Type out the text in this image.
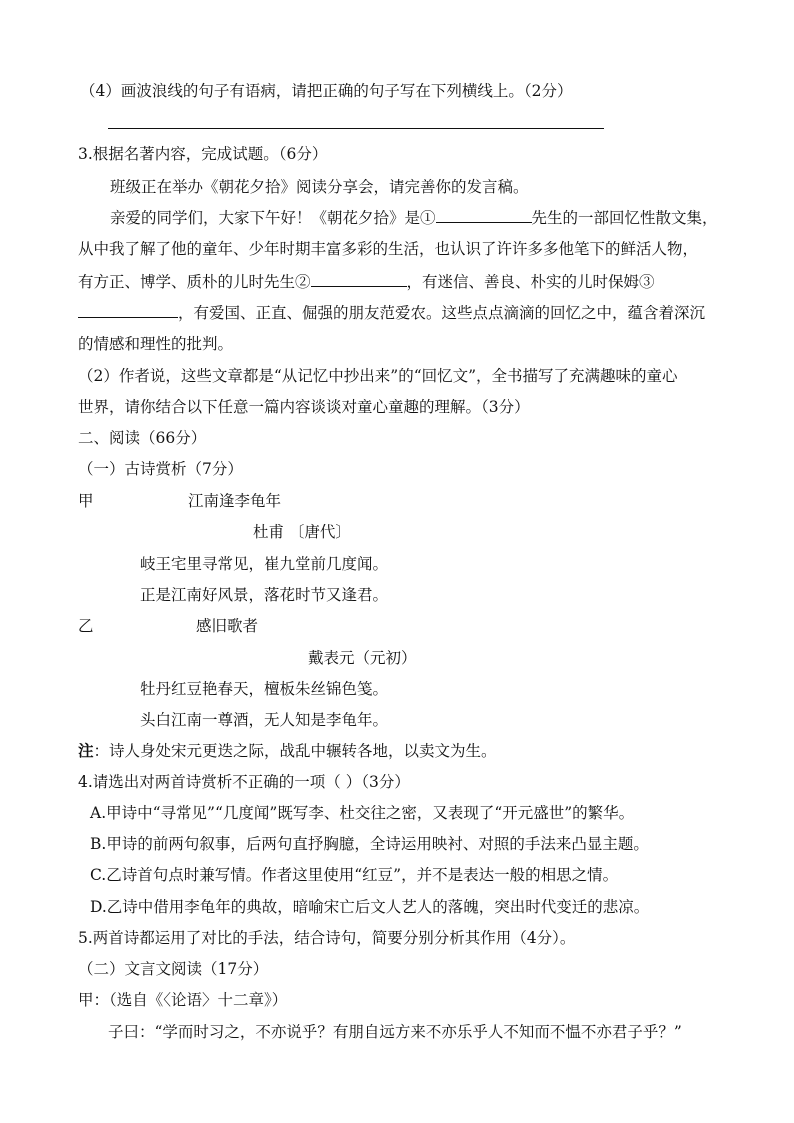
（4）画波浪线的句子有语病，请把正确的句子写在下列横线上。（2分）
3.根据名著内容，完成试题。（6分）
班级正在举办《朝花夕拾》阅读分享会，请完善你的发言稿。
亲爱的同学们，大家下午好！《朝花夕拾》是①	先生的一部回忆性散文集，
从中我了解了他的童年、少年时期丰富多彩的生活，也认识了许许多多他笔下的鲜活人物，
有方正、博学、质朴的儿时先生②	，有迷信、善良、朴实的儿时保姆③
，有爱国、正直、倔强的朋友范爱农。这些点点滴滴的回忆之中，蕴含着深沉
的情感和理性的批判。
（2）作者说，这些文章都是“从记忆中抄出来”的“回忆文”，全书描写了充满趣味的童心
世界，请你结合以下任意一篇内容谈谈对童心童趣的理解。（3分）
二、阅读（66分）
（一）古诗赏析（7分）
甲	江南逢李龟年
杜甫 〔唐代〕
岐王宅里寻常见，崔九堂前几度闻。
正是江南好风景，落花时节又逢君。
乙	感旧歌者
戴表元（元初）
牡丹红豆艳春天，檀板朱丝锦色笺。
头白江南一尊酒，无人知是李龟年。
注：诗人身处宋元更迭之际，战乱中辗转各地，以卖文为生。
4.请选出对两首诗赏析不正确的一项（ ）（3分）
A.甲诗中“寻常见”“几度闻”既写李、杜交往之密，又表现了“开元盛世”的繁华。
B.甲诗的前两句叙事，后两句直抒胸臆，全诗运用映衬、对照的手法来凸显主题。
C.乙诗首句点时兼写情。作者这里使用“红豆”，并不是表达一般的相思之情。
D.乙诗中借用李龟年的典故，暗喻宋亡后文人艺人的落魄，突出时代变迁的悲凉。
5.两首诗都运用了对比的手法，结合诗句，简要分别分析其作用（4分）。
（二）文言文阅读（17分）
甲：（选自《〈论语〉十二章》）
子曰：“学而时习之，不亦说乎？有朋自远方来不亦乐乎人不知而不愠不亦君子乎？”
